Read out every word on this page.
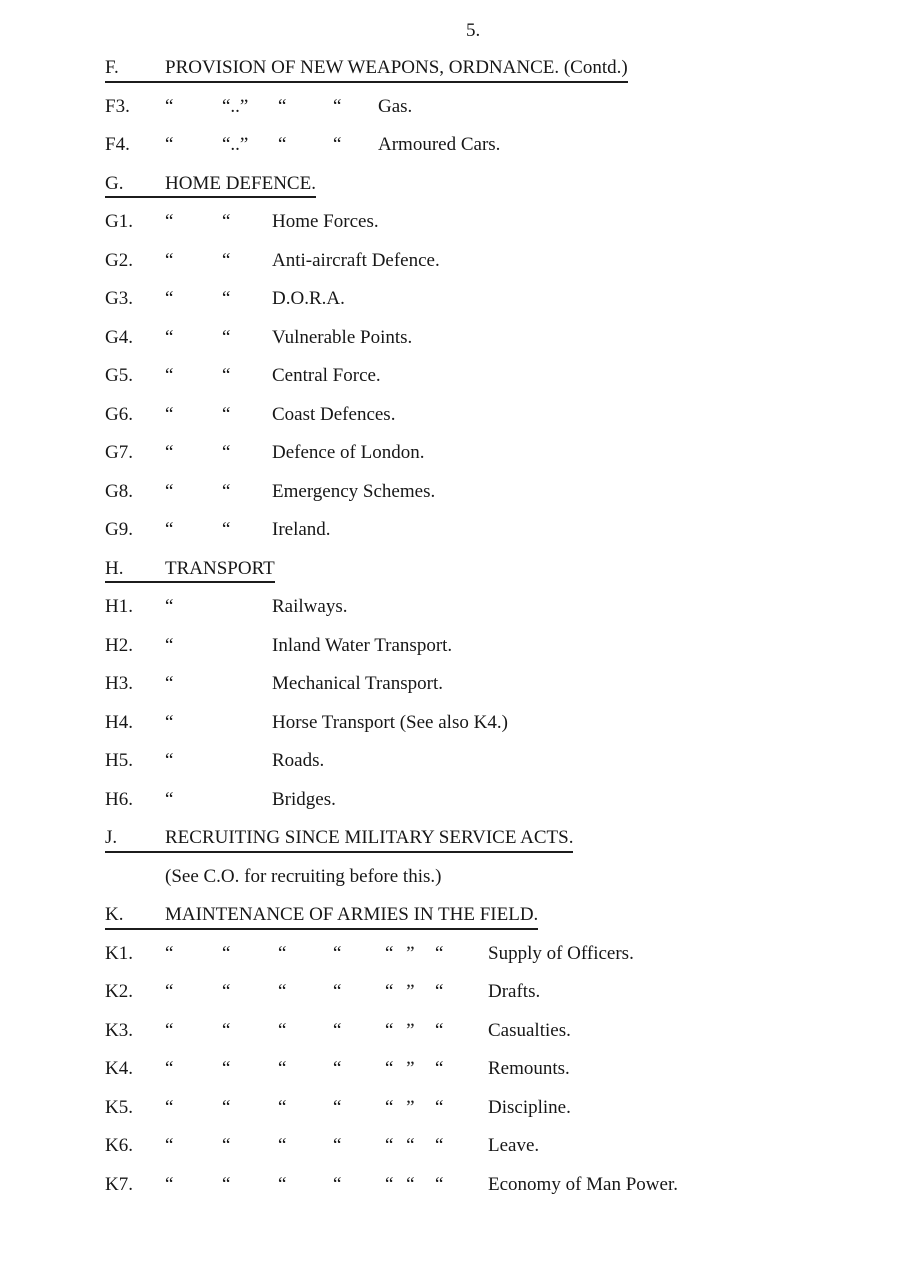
5.
F. PROVISION OF NEW WEAPONS, ORDNANCE. (Contd.)
F3. “	“..” “ “ Gas.
F4. “	“..” “ “ Armoured Cars.
G. HOME DEFENCE.
G1. “	“ Home Forces.
G2. “	“ Anti-aircraft Defence.
G3. “	“ D.O.R.A.
G4. “	“ Vulnerable Points.
G5. “	“ Central Force.
G6. “	“ Coast Defences.
G7. “	“ Defence of London.
G8. “	“ Emergency Schemes.
G9. “	“ Ireland.
H. TRANSPORT
H1. “	Railways.
H2. “	Inland Water Transport.
H3. “	Mechanical Transport.
H4. “	Horse Transport (See also K4.)
H5. “	Roads.
H6. “	Bridges.
J.	RECRUITING SINCE MILITARY SERVICE ACTS.
(See C.O. for recruiting before this.)
K. MAINTENANCE OF ARMIES IN THE FIELD.
K1. “	“	“ “ “ ” “ Supply of Officers.
K2. “	“	“ “ “ ” “ Drafts.
K3. “	“	“ “ “ ” “ Casualties.
K4. “	“	“ “ “ ” “ Remounts.
K5. “	“	“ “ “ ” “ Discipline.
K6. “	“	“ “ “ “ “ Leave.
K7. “	“	“ “ “ “ “ Economy of Man Power.
